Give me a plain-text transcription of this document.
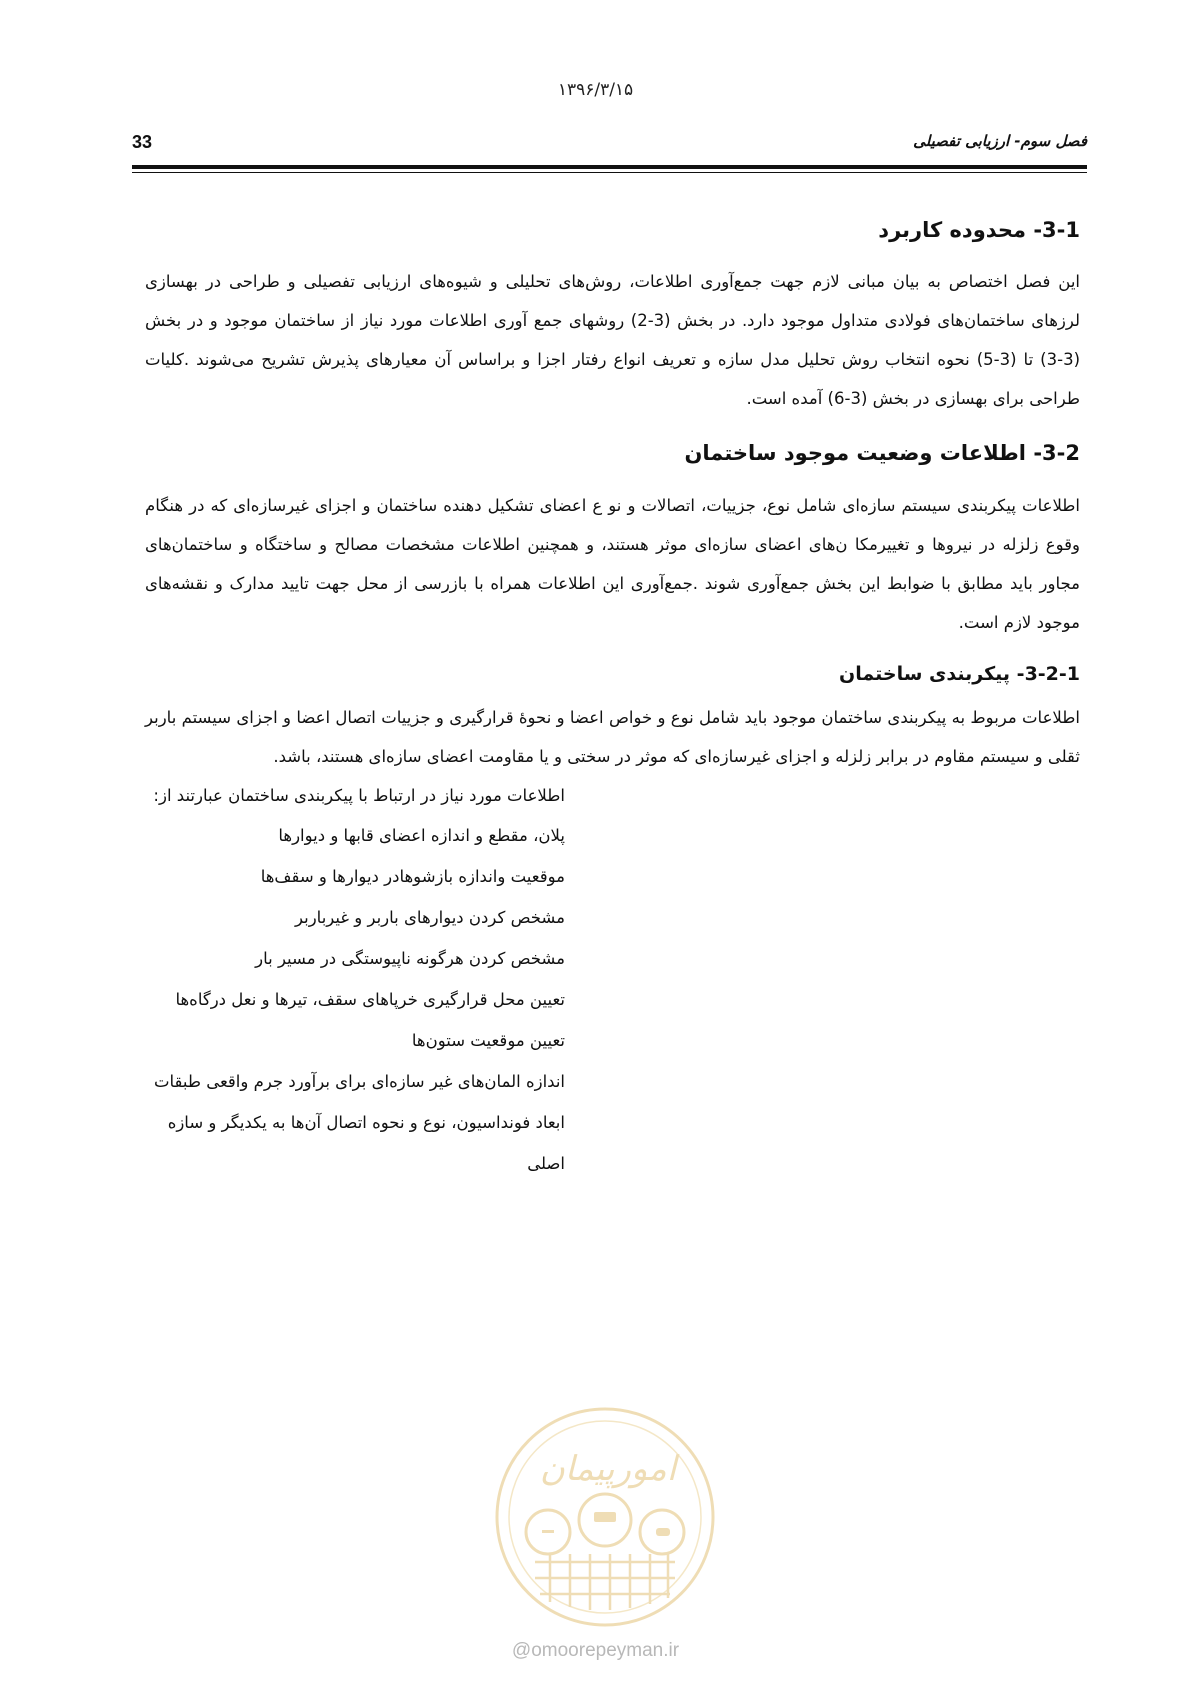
۱۳۹۶/۳/۱۵
33	فصل سوم- ارزیابی تفصیلی
3-1- محدوده کاربرد

این فصل اختصاص به بیان مبانی لازم جهت جمع‌آوری اطلاعات، روش‌های تحلیلی و شیوه‌های ارزیابی تفصیلی و طراحی در بهسازی لرزهای ساختمان‌های فولادی متداول موجود دارد. در بخش (3-2) روشهای جمع آوری اطلاعات مورد نیاز از ساختمان موجود و در بخش (3-3) تا (3-5) نحوه انتخاب روش تحلیل مدل سازه و تعریف انواع رفتار اجزا و براساس آن معیارهای پذیرش تشریح می‌شوند .کلیات طراحی برای بهسازی در بخش (3-6) آمده است.

3-2- اطلاعات وضعیت موجود ساختمان

اطلاعات پیکربندی سیستم سازه‌ای شامل نوع، جزییات، اتصالات و نو ع اعضای تشکیل دهنده ساختمان و اجزای غیرسازه‌ای که در هنگام وقوع زلزله در نیروها و تغییرمکا ن‌های اعضای سازه‌ای موثر هستند، و همچنین اطلاعات مشخصات مصالح و ساختگاه و ساختمان‌های مجاور باید مطابق با ضوابط این بخش جمع‌آوری شوند .جمع‌آوری این اطلاعات همراه با بازرسی از محل جهت تایید مدارک و نقشه‌های موجود لازم است.

3-2-1- پیکربندی ساختمان

اطلاعات مربوط به پیکربندی ساختمان موجود باید شامل نوع و خواص اعضا و نحوۀ قرارگیری و جزییات اتصال اعضا و اجزای سیستم باربر ثقلی و سیستم مقاوم در برابر زلزله و اجزای غیرسازه‌ای که موثر در سختی و یا مقاومت اعضای سازه‌ای هستند، باشد.

اطلاعات مورد نیاز در ارتباط با پیکربندی ساختمان عبارتند از:

پلان، مقطع و اندازه اعضای قابها و دیوارها
موقعیت واندازه بازشوهادر دیوارها و سقف‌ها
مشخص کردن دیوارهای باربر و غیرباربر
مشخص کردن هرگونه ناپیوستگی در مسیر بار
تعیین محل قرارگیری خرپاهای سقف، تیرها و نعل درگاه‌ها
تعیین موقعیت ستون‌ها
اندازه المان‌های غیر سازه‌ای برای برآورد جرم واقعی طبقات
ابعاد فونداسیون، نوع و نحوه اتصال آن‌ها به یکدیگر و سازه اصلی
امورپیمان
@omoorepeyman.ir
